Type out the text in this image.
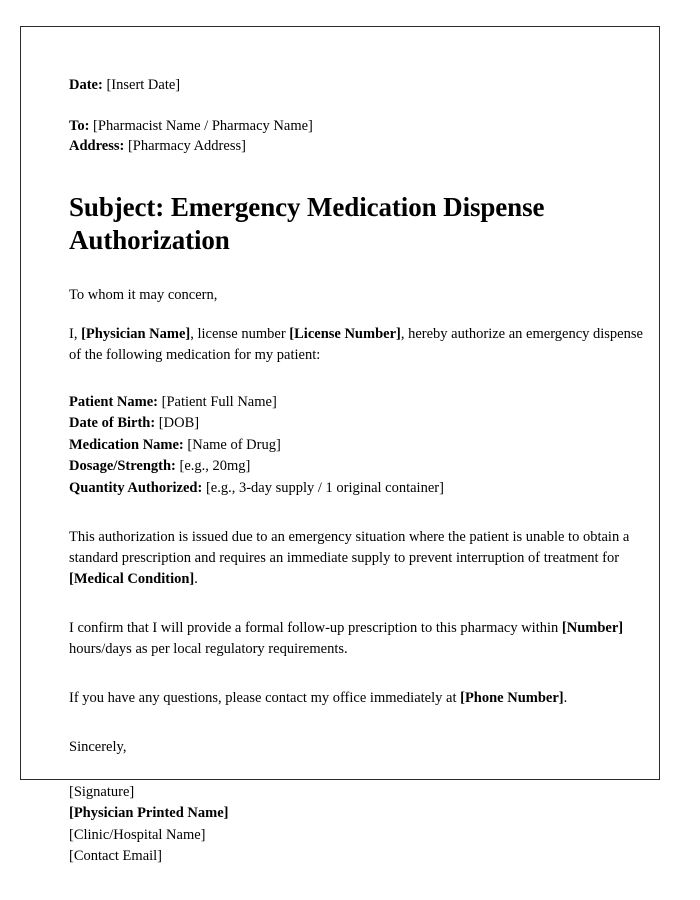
Date: [Insert Date]

To: [Pharmacist Name / Pharmacy Name]

Address: [Pharmacy Address]

Subject: Emergency Medication Dispense Authorization

To whom it may concern,

I, [Physician Name], license number [License Number], hereby authorize an emergency dispense of the following medication for my patient:

Patient Name: [Patient Full Name]

Date of Birth: [DOB]

Medication Name: [Name of Drug]

Dosage/Strength: [e.g., 20mg]

Quantity Authorized: [e.g., 3-day supply / 1 original container]

This authorization is issued due to an emergency situation where the patient is unable to obtain a standard prescription and requires an immediate supply to prevent interruption of treatment for [Medical Condition].

I confirm that I will provide a formal follow-up prescription to this pharmacy within [Number] hours/days as per local regulatory requirements.

If you have any questions, please contact my office immediately at [Phone Number].

Sincerely,

[Signature]

[Physician Printed Name]

[Clinic/Hospital Name]

[Contact Email]
